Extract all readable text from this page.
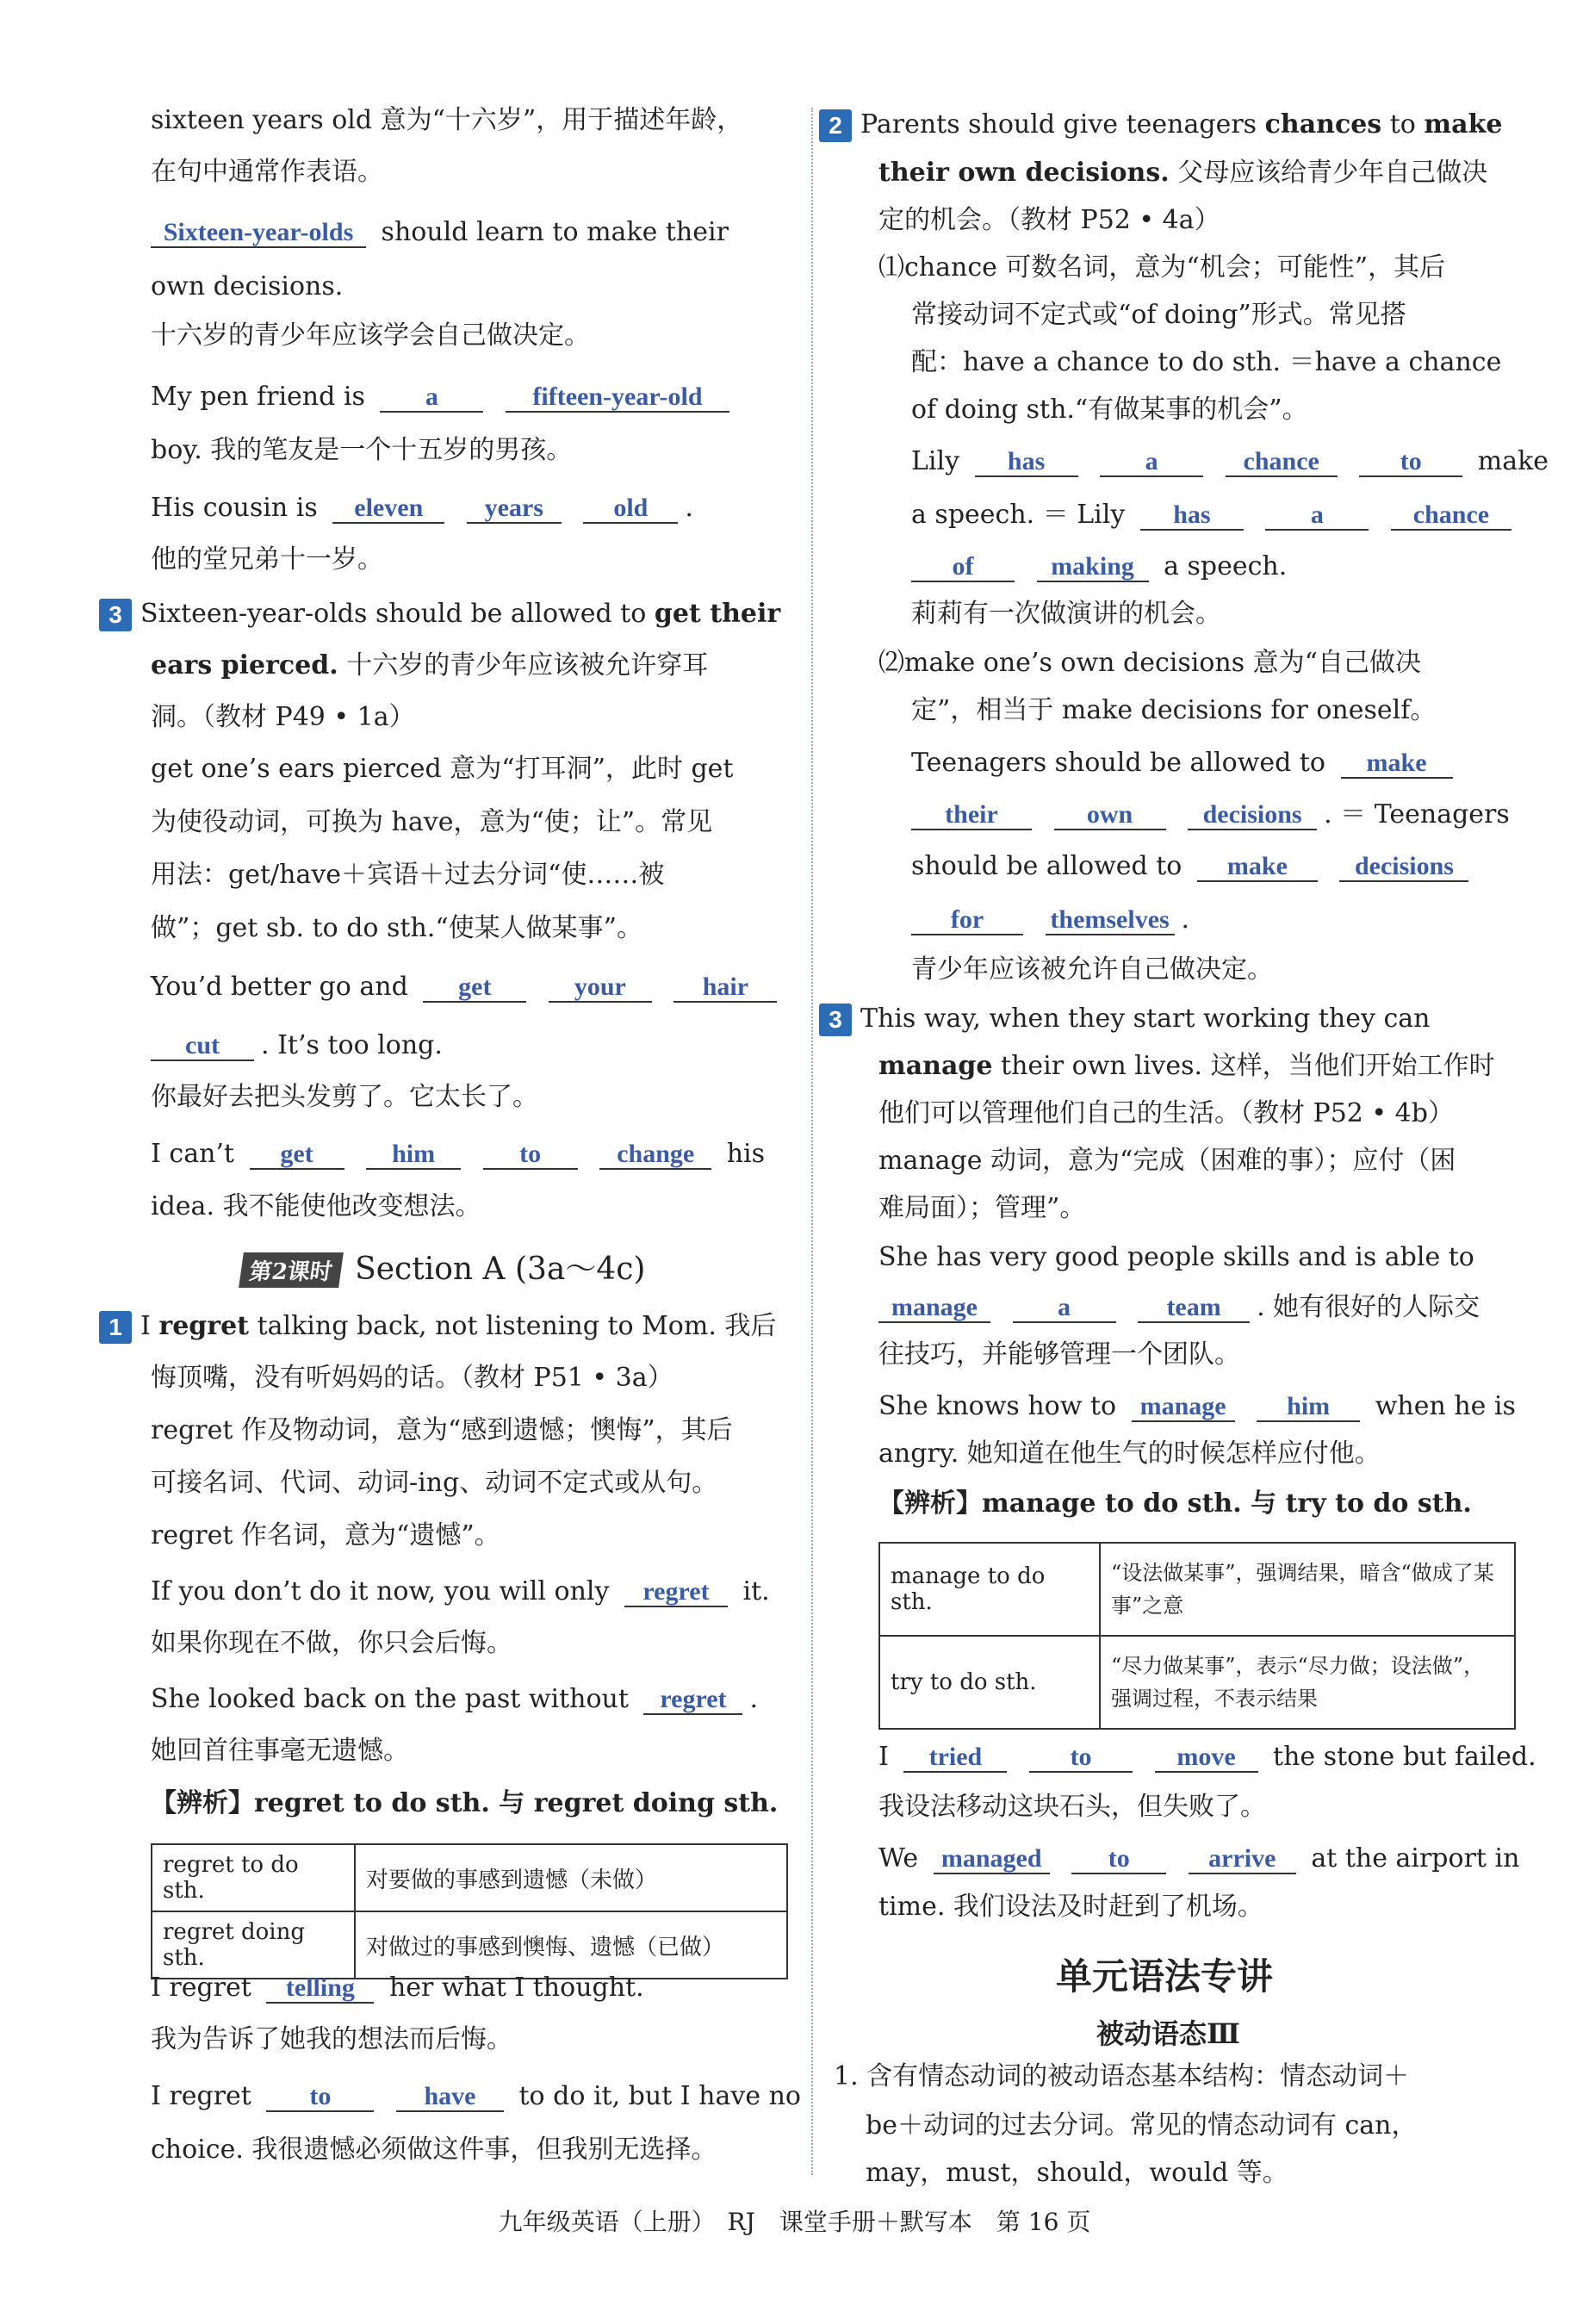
sixteen years old 意为“十六岁”，用于描述年龄，
在句中通常作表语。
Sixteen-year-olds should learn to make their
own decisions.
十六岁的青少年应该学会自己做决定。
My pen friend is a	fifteen-year-old
boy. 我的笔友是一个十五岁的男孩。
His cousin is eleven years	old .
他的堂兄弟十一岁。
3 Sixteen-year-olds should be allowed to get their
ears pierced. 十六岁的青少年应该被允许穿耳
洞。（教材 P49 • 1a）
get one’s ears pierced 意为“打耳洞”，此时 get
为使役动词，可换为 have，意为“使；让”。常见
用法：get/have＋宾语＋过去分词“使……被
做”；get sb. to do sth.“使某人做某事”。
You’d better go and get	your	hair
cut . It’s too long.
你最好去把头发剪了。它太长了。
I can’t get	him	to	change his
idea. 我不能使他改变想法。
第2课时 Section A (3a～4c)
1 I regret talking back, not listening to Mom. 我后
悔顶嘴，没有听妈妈的话。（教材 P51 • 3a）
regret 作及物动词，意为“感到遗憾；懊悔”，其后
可接名词、代词、动词-ing、动词不定式或从句。
regret 作名词，意为“遗憾”。
If you don’t do it now, you will only regret it.
如果你现在不做，你只会后悔。
She looked back on the past without regret .
她回首往事毫无遗憾。
【辨析】regret to do sth. 与 regret doing sth.
regret to do sth.	对要做的事感到遗憾（未做）
regret doing sth.	对做过的事感到懊悔、遗憾（已做）
I regret telling her what I thought.
我为告诉了她我的想法而后悔。
I regret to	have to do it, but I have no
choice. 我很遗憾必须做这件事，但我别无选择。
2 Parents should give teenagers chances to make
their own decisions. 父母应该给青少年自己做决
定的机会。（教材 P52 • 4a）
⑴chance 可数名词，意为“机会；可能性”，其后
常接动词不定式或“of doing”形式。常见搭
配：have a chance to do sth. ＝have a chance
of doing sth.“有做某事的机会”。
Lily has	a	chance	to make
a speech. ＝ Lily has	a	chance
of	making a speech.
莉莉有一次做演讲的机会。
⑵make one’s own decisions 意为“自己做决
定”，相当于 make decisions for oneself。
Teenagers should be allowed to make
their	own	decisions . ＝ Teenagers
should be allowed to make	decisions
for	themselves .
青少年应该被允许自己做决定。
3 This way, when they start working they can
manage their own lives. 这样，当他们开始工作时
他们可以管理他们自己的生活。（教材 P52 • 4b）
manage 动词，意为“完成（困难的事）；应付（困
难局面）；管理”。
She has very good people skills and is able to
manage	a	team . 她有很好的人际交
往技巧，并能够管理一个团队。
She knows how to manage him when he is
angry. 她知道在他生气的时候怎样应付他。
【辨析】manage to do sth. 与 try to do sth.
manage to do sth.	“设法做某事”，强调结果，暗含“做成了某事”之意
try to do sth.	“尽力做某事”，表示“尽力做；设法做”，强调过程，不表示结果
I tried	to	move the stone but failed.
我设法移动这块石头，但失败了。
We managed	to	arrive at the airport in
time. 我们设法及时赶到了机场。
单元语法专讲
被动语态Ⅲ
1. 含有情态动词的被动语态基本结构：情态动词＋
be＋动词的过去分词。常见的情态动词有 can，
may，must，should，would 等。
九年级英语（上册）　RJ　课堂手册＋默写本　第 16 页
